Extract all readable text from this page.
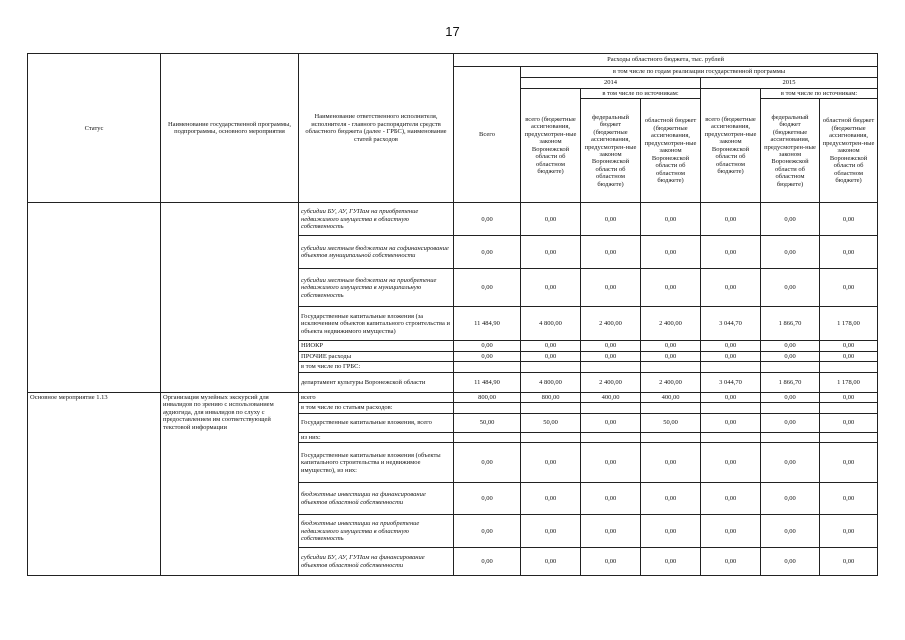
17
Статус	Наименование государственной программы, подпрограммы, основного мероприятия	Наименование ответственного исполнителя, исполнителя - главного распорядителя средств областного бюджета (далее - ГРБС), наименование статей расходов	Расходы областного бюджета, тыс. рублей						
			Всего	в том числе по годам реализации государственной программы					
				2014			2015		
				всего (бюджетные ассигнования, предусмотрен-ные законом Воронежской области об областном бюджете)	в том числе по источникам:		всего (бюджетные ассигнования, предусмотрен-ные законом Воронежской области об областном бюджете)	в том числе по источникам:	
					федеральный бюджет (бюджетные ассигнования, предусмотрен-ные законом Воронежской области об областном бюджете)	областной бюджет (бюджетные ассигнования, предусмотрен-ные законом Воронежской области об областном бюджете)		федеральный бюджет (бюджетные ассигнования, предусмотрен-ные законом Воронежской области об областном бюджете)	областной бюджет (бюджетные ассигнования, предусмотрен-ные законом Воронежской области об областном бюджете)
		субсидии БУ, АУ, ГУПам на приобретение недвижимого имущества в областную собственность	0,00	0,00	0,00	0,00	0,00	0,00	0,00
		субсидии местным бюджетам на софинансирование объектов муниципальной собственности	0,00	0,00	0,00	0,00	0,00	0,00	0,00
		субсидии местным бюджетам на приобретение недвижимого имущества в муниципальную собственность	0,00	0,00	0,00	0,00	0,00	0,00	0,00
		Государственные капитальные вложения (за исключением объектов капитального строительства и объекта недвижимого имущества)	11 484,90	4 800,00	2 400,00	2 400,00	3 044,70	1 866,70	1 178,00
		НИОКР	0,00	0,00	0,00	0,00	0,00	0,00	0,00
		ПРОЧИЕ расходы	0,00	0,00	0,00	0,00	0,00	0,00	0,00
		в том числе по ГРБС:							
		департамент культуры Воронежской области	11 484,90	4 800,00	2 400,00	2 400,00	3 044,70	1 866,70	1 178,00
Основное мероприятие 1.13	Организация музейных экскурсий для инвалидов по зрению с использованием аудиогида, для инвалидов по слуху с предоставлением им соответствующей текстовой информации	всего	800,00	800,00	400,00	400,00	0,00	0,00	0,00
		в том числе по статьям расходов:							
		Государственные капитальные вложения, всего	50,00	50,00	0,00	50,00	0,00	0,00	0,00
		из них:							
		Государственные капитальные вложения (объекты капитального строительства и недвижимое имущество), из них:	0,00	0,00	0,00	0,00	0,00	0,00	0,00
		бюджетные инвестиции на финансирование объектов областной собственности	0,00	0,00	0,00	0,00	0,00	0,00	0,00
		бюджетные инвестиции на приобретение недвижимого имущества в областную собственность	0,00	0,00	0,00	0,00	0,00	0,00	0,00
		субсидии БУ, АУ, ГУПам на финансирование объектов областной собственности	0,00	0,00	0,00	0,00	0,00	0,00	0,00
